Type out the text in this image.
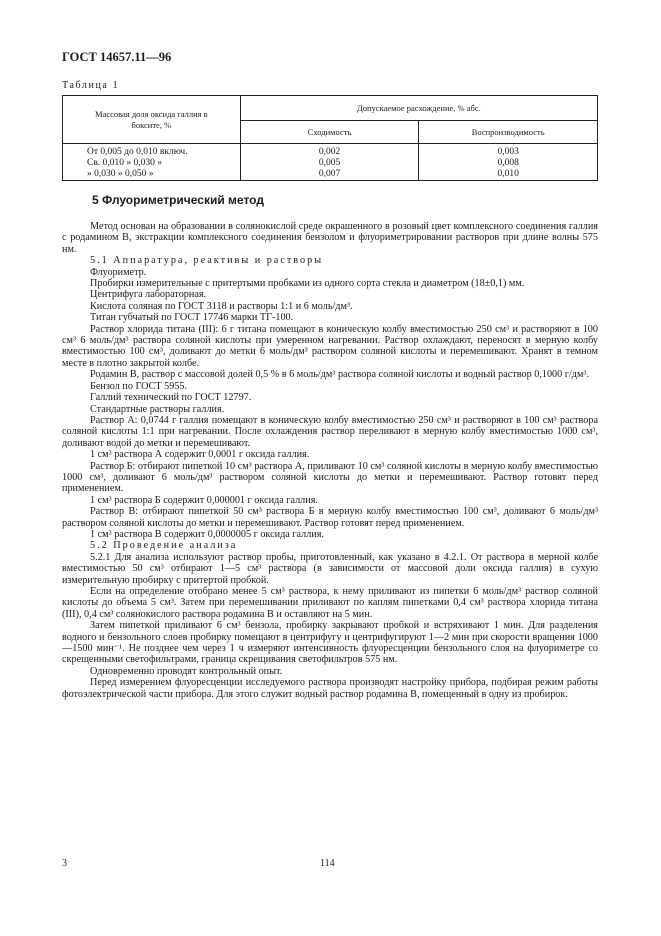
ГОСТ 14657.11—96
Таблица 1
Массовая доля оксида галлия в боксите, %	Допускаемое расхождение, % абс.	
	Сходимость	Воспроизводимость
От 0,005 до 0,010 включ.	0,002	0,003
Св. 0,010 » 0,030 »	0,005	0,008
» 0,030 » 0,050 »	0,007	0,010
5 Флуориметрический метод

Метод основан на образовании в солянокислой среде окрашенного в розовый цвет комплексного соединения галлия с родамином В, экстракции комплексного соединения бензолом и флуориметрировании растворов при длине волны 575 нм.

5.1 Аппаратура, реактивы и растворы

Флуориметр.

Пробирки измерительные с притертыми пробками из одного сорта стекла и диаметром (18±0,1) мм.

Центрифуга лабораторная.

Кислота соляная по ГОСТ 3118 и растворы 1:1 и 6 моль/дм³.

Титан губчатый по ГОСТ 17746 марки ТГ-100.

Раствор хлорида титана (III): 6 г титана помещают в коническую колбу вместимостью 250 см³ и растворяют в 100 см³ 6 моль/дм³ раствора соляной кислоты при умеренном нагревании. Раствор охлаждают, переносят в мерную колбу вместимостью 100 см³, доливают до метки 6 моль/дм³ раствором соляной кислоты и перемешивают. Хранят в темном месте в плотно закрытой колбе.

Родамин В, раствор с массовой долей 0,5 % в 6 моль/дм³ раствора соляной кислоты и водный раствор 0,1000 г/дм³.

Бензол по ГОСТ 5955.

Галлий технический по ГОСТ 12797.

Стандартные растворы галлия.

Раствор А: 0,0744 г галлия помещают в коническую колбу вместимостью 250 см³ и растворяют в 100 см³ раствора соляной кислоты 1:1 при нагревании. После охлаждения раствор переливают в мерную колбу вместимостью 1000 см³, доливают водой до метки и перемешивают.

1 см³ раствора А содержит 0,0001 г оксида галлия.

Раствор Б: отбирают пипеткой 10 см³ раствора А, приливают 10 см³ соляной кислоты в мерную колбу вместимостью 1000 см³, доливают 6 моль/дм³ раствором соляной кислоты до метки и перемешивают. Раствор готовят перед применением.

1 см³ раствора Б содержит 0,000001 г оксида галлия.

Раствор В: отбирают пипеткой 50 см³ раствора Б в мерную колбу вместимостью 100 см³, доливают 6 моль/дм³ раствором соляной кислоты до метки и перемешивают. Раствор готовят перед применением.

1 см³ раствора В содержит 0,0000005 г оксида галлия.

5.2 Проведение анализа

5.2.1 Для анализа используют раствор пробы, приготовленный, как указано в 4.2.1. От раствора в мерной колбе вместимостью 50 см³ отбирают 1—5 см³ раствора (в зависимости от массовой доли оксида галлия) в сухую измерительную пробирку с притертой пробкой.

Если на определение отобрано менее 5 см³ раствора, к нему приливают из пипетки 6 моль/дм³ раствор соляной кислоты до объема 5 см³. Затем при перемешивании приливают по каплям пипетками 0,4 см³ раствора хлорида титана (III), 0,4 см³ солянокислого раствора родамина В и оставляют на 5 мин.

Затем пипеткой приливают 6 см³ бензола, пробирку закрывают пробкой и встряхивают 1 мин. Для разделения водного и бензольного слоев пробирку помещают в центрифугу и центрифугируют 1—2 мин при скорости вращения 1000—1500 мин⁻¹. Не позднее чем через 1 ч измеряют интенсивность флуоресценции бензольного слоя на флуориметре со скрещенными светофильтрами, граница скрещивания светофильтров 575 нм.

Одновременно проводят контрольный опыт.

Перед измерением флуоресценции исследуемого раствора производят настройку прибора, подбирая режим работы фотоэлектрической части прибора. Для этого служит водный раствор родамина В, помещенный в одну из пробирок.

3	114
